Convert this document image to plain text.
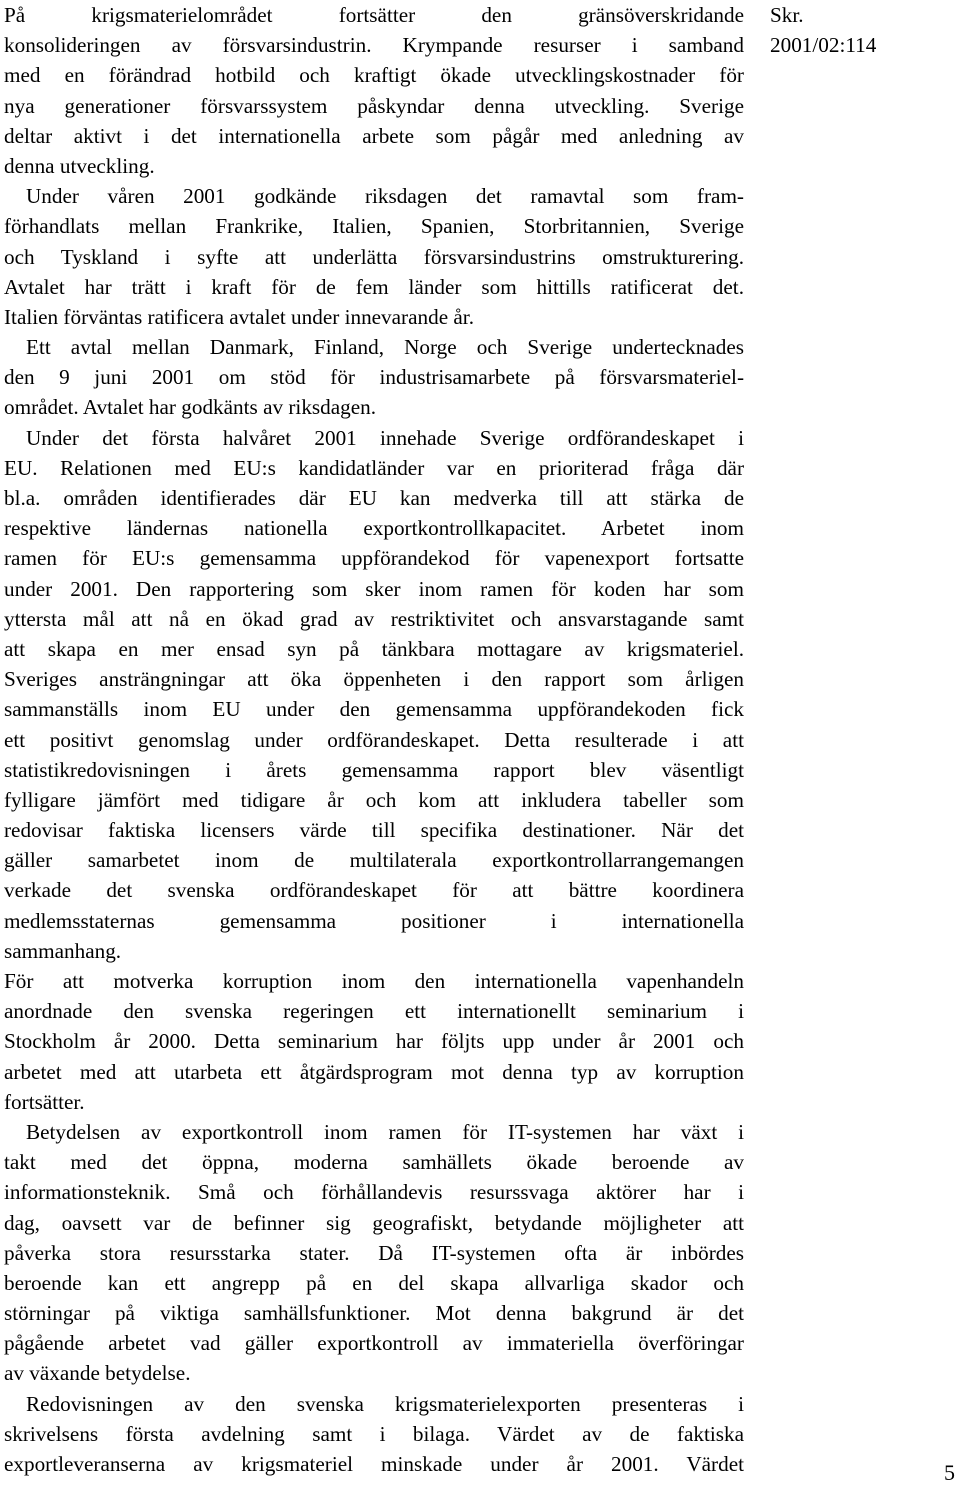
På krigsmaterielområdet fortsätter den gränsöverskridande
konsolideringen av försvarsindustrin. Krympande resurser i samband
med en förändrad hotbild och kraftigt ökade utvecklingskostnader för
nya generationer försvarssystem påskyndar denna utveckling. Sverige
deltar aktivt i det internationella arbete som pågår med anledning av
denna utveckling.
Under våren 2001 godkände riksdagen det ramavtal som fram-
förhandlats mellan Frankrike, Italien, Spanien, Storbritannien, Sverige
och Tyskland i syfte att underlätta försvarsindustrins omstrukturering.
Avtalet har trätt i kraft för de fem länder som hittills ratificerat det.
Italien förväntas ratificera avtalet under innevarande år.
Ett avtal mellan Danmark, Finland, Norge och Sverige undertecknades
den 9 juni 2001 om stöd för industrisamarbete på försvarsmateriel-
området. Avtalet har godkänts av riksdagen.
Under det första halvåret 2001 innehade Sverige ordförandeskapet i
EU. Relationen med EU:s kandidatländer var en prioriterad fråga där
bl.a. områden identifierades där EU kan medverka till att stärka de
respektive ländernas nationella exportkontrollkapacitet. Arbetet inom
ramen för EU:s gemensamma uppförandekod för vapenexport fortsatte
under 2001. Den rapportering som sker inom ramen för koden har som
yttersta mål att nå en ökad grad av restriktivitet och ansvarstagande samt
att skapa en mer ensad syn på tänkbara mottagare av krigsmateriel.
Sveriges ansträngningar att öka öppenheten i den rapport som årligen
sammanställs inom EU under den gemensamma uppförandekoden fick
ett positivt genomslag under ordförandeskapet. Detta resulterade i att
statistikredovisningen i årets gemensamma rapport blev väsentligt
fylligare jämfört med tidigare år och kom att inkludera tabeller som
redovisar faktiska licensers värde till specifika destinationer. När det
gäller samarbetet inom de multilaterala exportkontrollarrangemangen
verkade det svenska ordförandeskapet för att bättre koordinera
medlemsstaternas gemensamma positioner i internationella
sammanhang.
För att motverka korruption inom den internationella vapenhandeln
anordnade den svenska regeringen ett internationellt seminarium i
Stockholm år 2000. Detta seminarium har följts upp under år 2001 och
arbetet med att utarbeta ett åtgärdsprogram mot denna typ av korruption
fortsätter.
Betydelsen av exportkontroll inom ramen för IT-systemen har växt i
takt med det öppna, moderna samhällets ökade beroende av
informationsteknik. Små och förhållandevis resurssvaga aktörer har i
dag, oavsett var de befinner sig geografiskt, betydande möjligheter att
påverka stora resursstarka stater. Då IT-systemen ofta är inbördes
beroende kan ett angrepp på en del skapa allvarliga skador och
störningar på viktiga samhällsfunktioner. Mot denna bakgrund är det
pågående arbetet vad gäller exportkontroll av immateriella överföringar
av växande betydelse.
Redovisningen av den svenska krigsmaterielexporten presenteras i
skrivelsens första avdelning samt i bilaga. Värdet av de faktiska
exportleveranserna av krigsmateriel minskade under år 2001. Värdet
Skr.
2001/02:114
5
